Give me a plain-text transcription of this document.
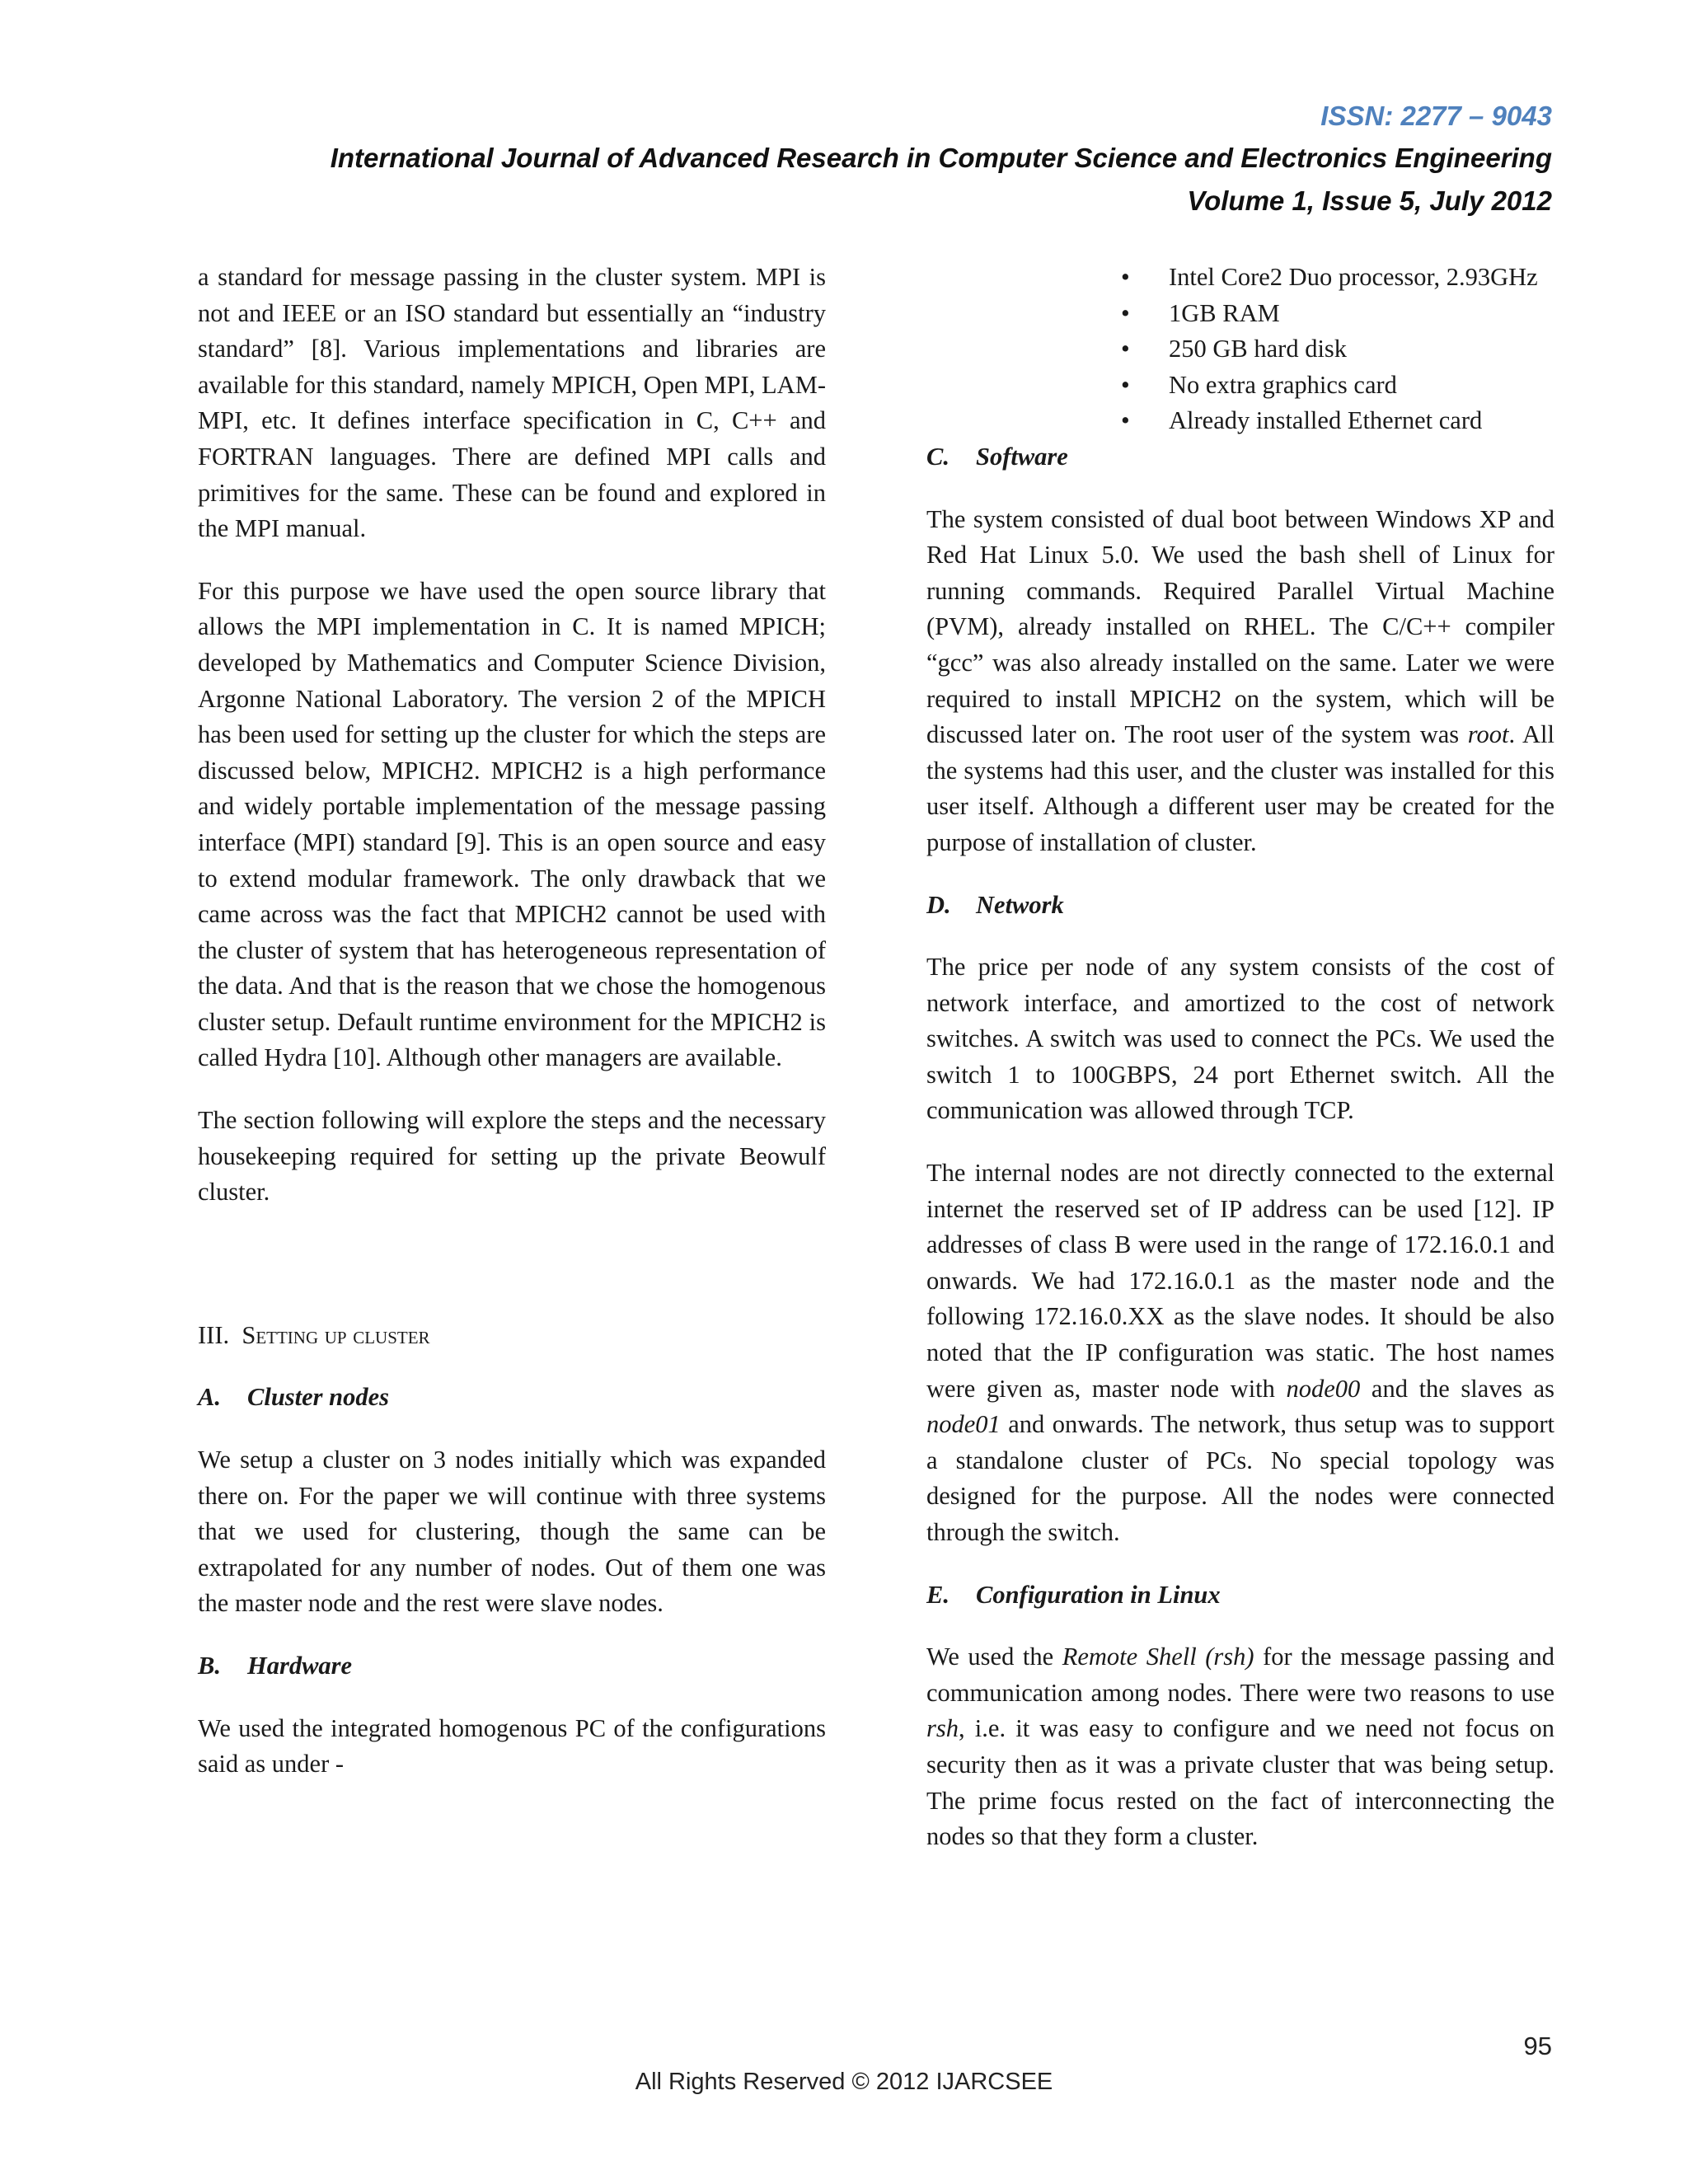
ISSN: 2277 – 9043
International Journal of Advanced Research in Computer Science and Electronics Engineering
Volume 1, Issue 5, July 2012

a standard for message passing in the cluster system. MPI is not and IEEE or an ISO standard but essentially an “industry standard” [8]. Various implementations and libraries are available for this standard, namely MPICH, Open MPI, LAM-MPI, etc. It defines interface specification in C, C++ and FORTRAN languages. There are defined MPI calls and primitives for the same. These can be found and explored in the MPI manual.

For this purpose we have used the open source library that allows the MPI implementation in C. It is named MPICH; developed by Mathematics and Computer Science Division, Argonne National Laboratory. The version 2 of the MPICH has been used for setting up the cluster for which the steps are discussed below, MPICH2. MPICH2 is a high performance and widely portable implementation of the message passing interface (MPI) standard [9]. This is an open source and easy to extend modular framework. The only drawback that we came across was the fact that MPICH2 cannot be used with the cluster of system that has heterogeneous representation of the data. And that is the reason that we chose the homogenous cluster setup. Default runtime environment for the MPICH2 is called Hydra [10]. Although other managers are available.

The section following will explore the steps and the necessary housekeeping required for setting up the private Beowulf cluster.

III. Setting up cluster

A. Cluster nodes

We setup a cluster on 3 nodes initially which was expanded there on. For the paper we will continue with three systems that we used for clustering, though the same can be extrapolated for any number of nodes. Out of them one was the master node and the rest were slave nodes.

B. Hardware

We used the integrated homogenous PC of the configurations said as under -

• Intel Core2 Duo processor, 2.93GHz
• 1GB RAM
• 250 GB hard disk
• No extra graphics card
• Already installed Ethernet card

C. Software

The system consisted of dual boot between Windows XP and Red Hat Linux 5.0. We used the bash shell of Linux for running commands. Required Parallel Virtual Machine (PVM), already installed on RHEL. The C/C++ compiler “gcc” was also already installed on the same. Later we were required to install MPICH2 on the system, which will be discussed later on. The root user of the system was root. All the systems had this user, and the cluster was installed for this user itself. Although a different user may be created for the purpose of installation of cluster.

D. Network

The price per node of any system consists of the cost of network interface, and amortized to the cost of network switches. A switch was used to connect the PCs. We used the switch 1 to 100GBPS, 24 port Ethernet switch. All the communication was allowed through TCP.

The internal nodes are not directly connected to the external internet the reserved set of IP address can be used [12]. IP addresses of class B were used in the range of 172.16.0.1 and onwards. We had 172.16.0.1 as the master node and the following 172.16.0.XX as the slave nodes. It should be also noted that the IP configuration was static. The host names were given as, master node with node00 and the slaves as node01 and onwards. The network, thus setup was to support a standalone cluster of PCs. No special topology was designed for the purpose. All the nodes were connected through the switch.

E. Configuration in Linux

We used the Remote Shell (rsh) for the message passing and communication among nodes. There were two reasons to use rsh, i.e. it was easy to configure and we need not focus on security then as it was a private cluster that was being setup. The prime focus rested on the fact of interconnecting the nodes so that they form a cluster.

95
All Rights Reserved © 2012 IJARCSEE
